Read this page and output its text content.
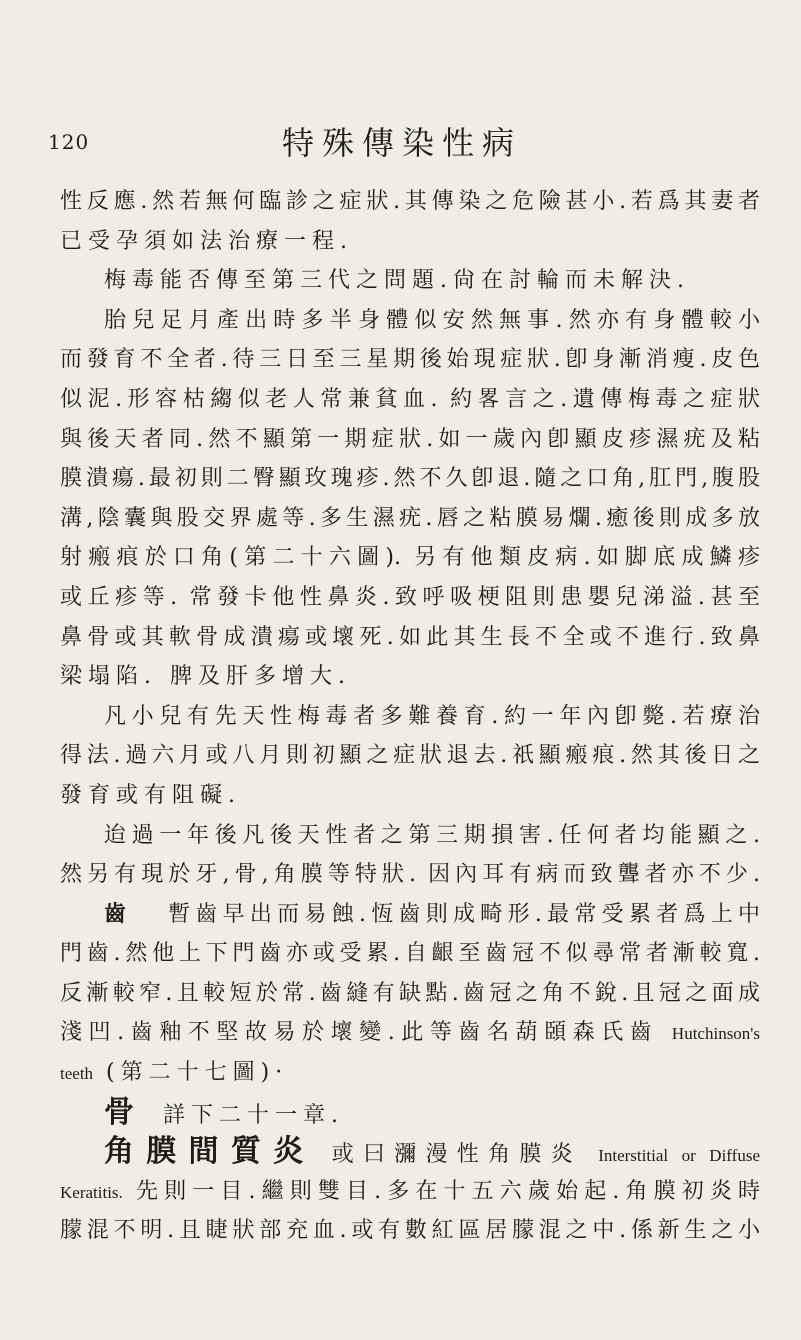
120	特殊傳染性病
性反應.然若無何臨診之症狀.其傳染之危險甚小.若爲其妻者
已受孕須如法治療一程.
梅毒能否傳至第三代之問題.尙在討輪而未解決.
胎兒足月產出時多半身體似安然無事.然亦有身體較小
而發育不全者.待三日至三星期後始現症狀.卽身漸消瘦.皮色
似泥.形容枯縐似老人常兼貧血. 約畧言之.遺傳梅毒之症狀
與後天者同.然不顯第一期症狀.如一歲內卽顯皮疹濕疣及粘
膜潰瘍.最初則二臀顯玫瑰疹.然不久卽退.隨之口角,肛門,腹股
溝,陰囊與股交界處等.多生濕疣.唇之粘膜易爛.癒後則成多放
射瘢痕於口角(第二十六圖). 另有他類皮病.如脚底成鱗疹
或丘疹等. 常發卡他性鼻炎.致呼吸梗阻則患嬰兒涕溢.甚至
鼻骨或其軟骨成潰瘍或壞死.如此其生長不全或不進行.致鼻
梁塌陷. 脾及肝多增大.
凡小兒有先天性梅毒者多難養育.約一年內卽斃.若療治
得法.過六月或八月則初顯之症狀退去.祇顯瘢痕.然其後日之
發育或有阻礙.
迨過一年後凡後天性者之第三期損害.任何者均能顯之.
然另有現於牙,骨,角膜等特狀. 因內耳有病而致聾者亦不少.
齒 暫齒早出而易蝕.恆齒則成畸形.最常受累者爲上中
門齒.然他上下門齒亦或受累.自齦至齒冠不似尋常者漸較寬.
反漸較窄.且較短於常.齒縫有缺點.齒冠之角不銳.且冠之面成
淺凹.齒釉不堅故易於壞變.此等齒名葫頣森氏齒 Hutchinson's
teeth (第二十七圖)·
骨 詳下二十一章.
角膜間質炎 或曰瀰漫性角膜炎 Interstitial or Diffuse
Keratitis. 先則一目.繼則雙目.多在十五六歲始起.角膜初炎時
朦混不明.且睫狀部充血.或有數紅區居朦混之中.係新生之小
